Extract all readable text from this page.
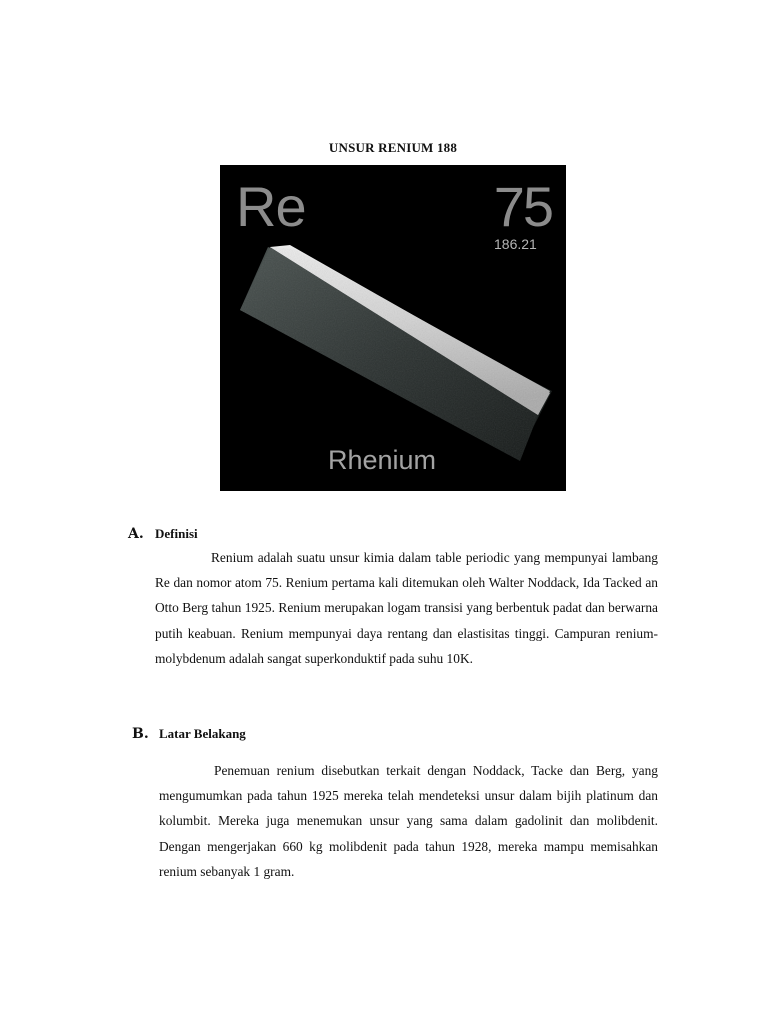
UNSUR RENIUM 188
Re	75
186.21
Rhenium
A. Definisi
Renium adalah suatu unsur kimia dalam table periodic yang mempunyai lambang Re dan nomor atom 75. Renium pertama kali ditemukan oleh Walter Noddack, Ida Tacked an Otto Berg tahun 1925. Renium merupakan logam transisi yang berbentuk padat dan berwarna putih keabuan. Renium mempunyai daya rentang dan elastisitas tinggi. Campuran renium-molybdenum adalah sangat superkonduktif pada suhu 10K.
B. Latar Belakang
Penemuan renium disebutkan terkait dengan Noddack, Tacke dan Berg, yang mengumumkan pada tahun 1925 mereka telah mendeteksi unsur dalam bijih platinum dan kolumbit. Mereka juga menemukan unsur yang sama dalam gadolinit dan molibdenit. Dengan mengerjakan 660 kg molibdenit pada tahun 1928, mereka mampu memisahkan renium sebanyak 1 gram.
